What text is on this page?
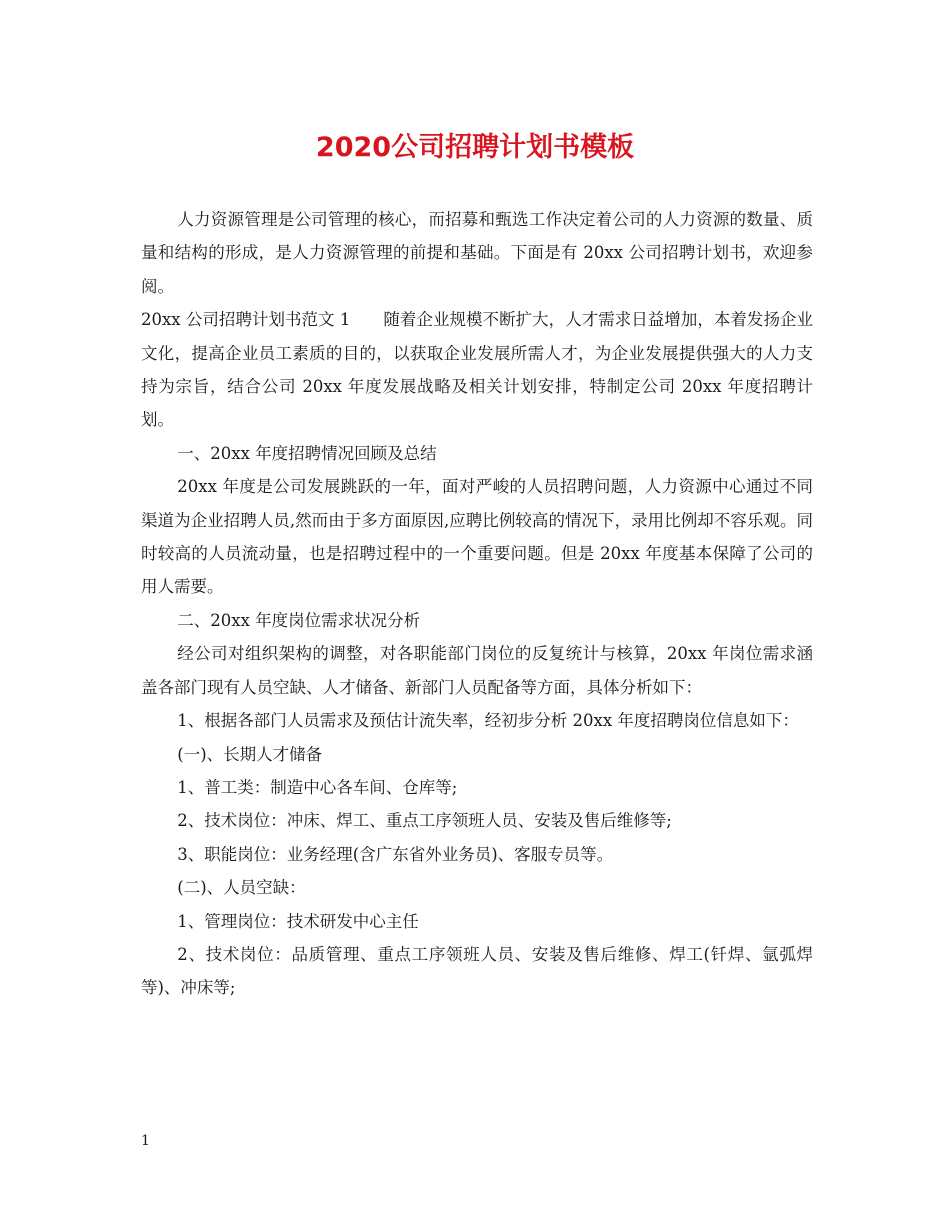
2020公司招聘计划书模板

人力资源管理是公司管理的核心，而招募和甄选工作决定着公司的人力资源的数量、质量和结构的形成，是人力资源管理的前提和基础。下面是有 20xx 公司招聘计划书，欢迎参阅。

20xx 公司招聘计划书范文 1　　随着企业规模不断扩大，人才需求日益增加，本着发扬企业文化，提高企业员工素质的目的，以获取企业发展所需人才，为企业发展提供强大的人力支持为宗旨，结合公司 20xx 年度发展战略及相关计划安排，特制定公司 20xx 年度招聘计划。

一、20xx 年度招聘情况回顾及总结

20xx 年度是公司发展跳跃的一年，面对严峻的人员招聘问题，人力资源中心通过不同渠道为企业招聘人员,然而由于多方面原因,应聘比例较高的情况下，录用比例却不容乐观。同时较高的人员流动量，也是招聘过程中的一个重要问题。但是 20xx 年度基本保障了公司的用人需要。

二、20xx 年度岗位需求状况分析

经公司对组织架构的调整，对各职能部门岗位的反复统计与核算，20xx 年岗位需求涵盖各部门现有人员空缺、人才储备、新部门人员配备等方面，具体分析如下：

1、根据各部门人员需求及预估计流失率，经初步分析 20xx 年度招聘岗位信息如下：

(一)、长期人才储备

1、普工类：制造中心各车间、仓库等;

2、技术岗位：冲床、焊工、重点工序领班人员、安装及售后维修等;

3、职能岗位：业务经理(含广东省外业务员)、客服专员等。

(二)、人员空缺：

1、管理岗位：技术研发中心主任

2、技术岗位：品质管理、重点工序领班人员、安装及售后维修、焊工(钎焊、氩弧焊等)、冲床等;

1
